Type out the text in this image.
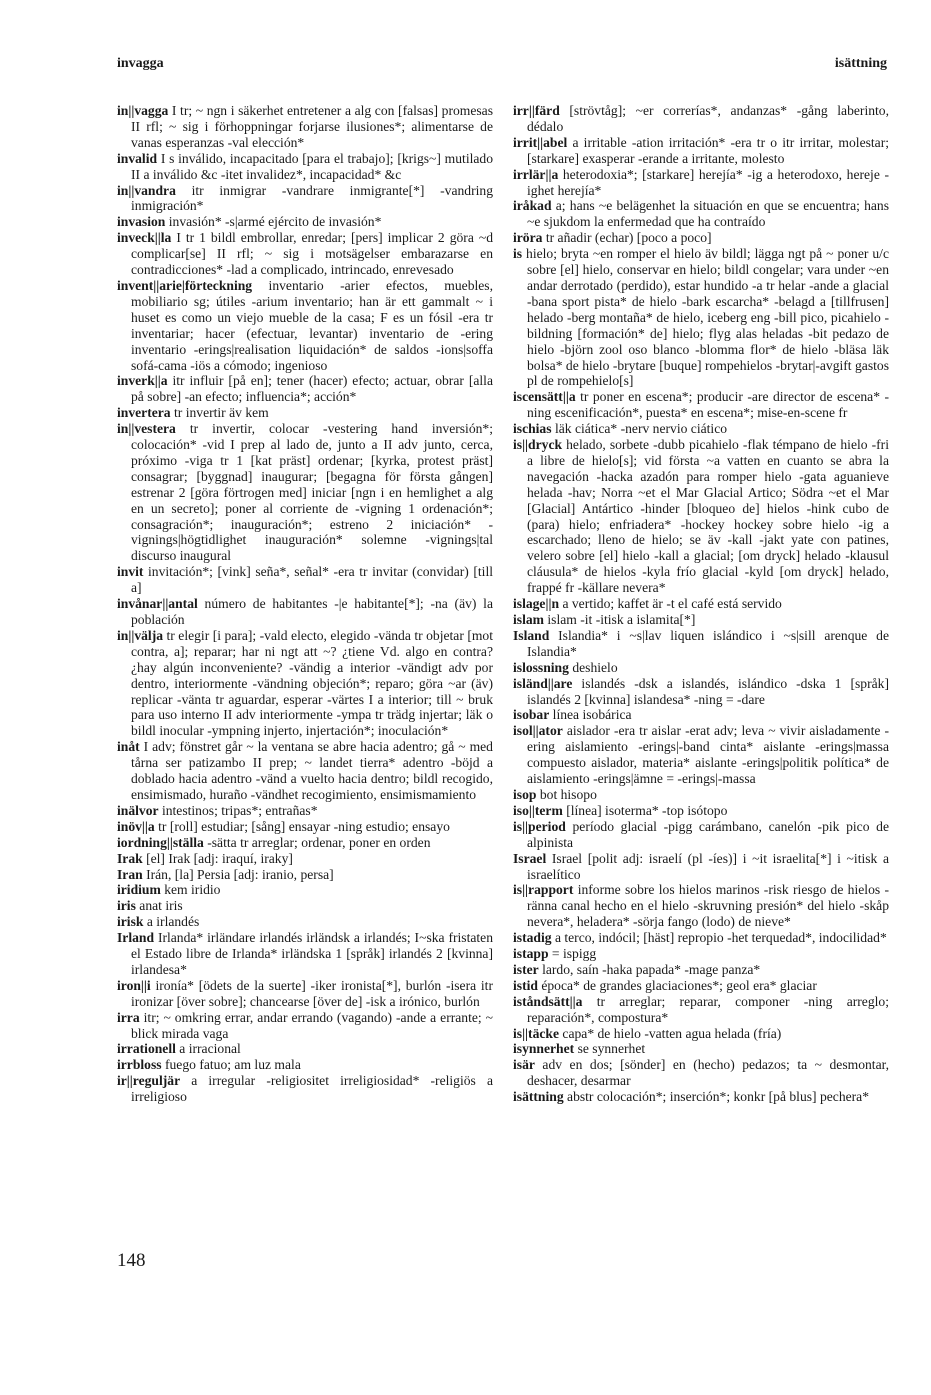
invagga	isättning

in||vagga I tr; ~ ngn i säkerhet entretener a alg con [falsas] promesas II rfl; ~ sig i förhoppningar forjarse ilusiones*; alimentarse de vanas esperanzas -val elección*

invalid I s inválido, incapacitado [para el trabajo]; [krigs~] mutilado II a inválido &c -itet invalidez*, incapacidad* &c

in||vandra itr inmigrar -vandrare inmigrante[*] -vandring inmigración*

invasion invasión* -s|armé ejército de invasión*

inveck||la I tr 1 bildl embrollar, enredar; [pers] implicar 2 göra ~d complicar[se] II rfl; ~ sig i motsägelser embarazarse en contradicciones* -lad a complicado, intrincado, enrevesado

invent||arie|förteckning inventario -arier efectos, muebles, mobiliario sg; útiles -arium inventario; han är ett gammalt ~ i huset es como un viejo mueble de la casa; F es un fósil -era tr inventariar; hacer (efectuar, levantar) inventario de -ering inventario -erings|realisation liquidación* de saldos -ions|soffa sofá-cama -iös a cómodo; ingenioso

inverk||a itr influir [på en]; tener (hacer) efecto; actuar, obrar [alla på sobre] -an efecto; influencia*; acción*

invertera tr invertir äv kem

in||vestera tr invertir, colocar -vestering hand inversión*; colocación* -vid I prep al lado de, junto a II adv junto, cerca, próximo -viga tr 1 [kat präst] ordenar; [kyrka, protest präst] consagrar; [byggnad] inaugurar; [begagna för första gången] estrenar 2 [göra förtrogen med] iniciar [ngn i en hemlighet a alg en un secreto]; poner al corriente de -vigning 1 ordenación*; consagración*; inauguración*; estreno 2 iniciación* -vignings|högtidlighet inauguración* solemne -vignings|tal discurso inaugural

invit invitación*; [vink] seña*, señal* -era tr invitar (convidar) [till a]

invånar||antal número de habitantes -|e habitante[*]; -na (äv) la población

in||välja tr elegir [i para]; -vald electo, elegido -vända tr objetar [mot contra, a]; reparar; har ni ngt att ~? ¿tiene Vd. algo en contra? ¿hay algún inconveniente? -vändig a interior -vändigt adv por dentro, interiormente -vändning objeción*; reparo; göra ~ar (äv) replicar -vänta tr aguardar, esperar -värtes I a interior; till ~ bruk para uso interno II adv interiormente -ympa tr trädg injertar; läk o bildl inocular -ympning injerto, injertación*; inoculación*

inåt I adv; fönstret går ~ la ventana se abre hacia adentro; gå ~ med tårna ser patizambo II prep; ~ landet tierra* adentro -böjd a doblado hacia adentro -vänd a vuelto hacia dentro; bildl recogido, ensimismado, huraño -vändhet recogimiento, ensimismamiento

inälvor intestinos; tripas*; entrañas*

inöv||a tr [roll] estudiar; [sång] ensayar -ning estudio; ensayo

iordning||ställa -sätta tr arreglar; ordenar, poner en orden

Irak [el] Irak [adj: iraquí, iraky]

Iran Irán, [la] Persia [adj: iranio, persa]

iridium kem iridio

iris anat iris

irisk a irlandés

Irland Irlanda* irländare irlandés irländsk a irlandés; I~ska fristaten el Estado libre de Irlanda* irländska 1 [språk] irlandés 2 [kvinna] irlandesa*

iron||i ironía* [ödets de la suerte] -iker ironista[*], burlón -isera itr ironizar [över sobre]; chancearse [över de] -isk a irónico, burlón

irra itr; ~ omkring errar, andar errando (vagando) -ande a errante; ~ blick mirada vaga

irrationell a irracional

irrbloss fuego fatuo; am luz mala

ir||reguljär a irregular -religiositet irreligiosidad* -religiös a irreligioso

irr||färd [strövtåg]; ~er correrías*, andanzas* -gång laberinto, dédalo

irrit||abel a irritable -ation irritación* -era tr o itr irritar, molestar; [starkare] exasperar -erande a irritante, molesto

irrlär||a heterodoxia*; [starkare] herejía* -ig a heterodoxo, hereje -ighet herejía*

iråkad a; hans ~e belägenhet la situación en que se encuentra; hans ~e sjukdom la enfermedad que ha contraído

iröra tr añadir (echar) [poco a poco]

is hielo; bryta ~en romper el hielo äv bildl; lägga ngt på ~ poner u/c sobre [el] hielo, conservar en hielo; bildl congelar; vara under ~en andar derrotado (perdido), estar hundido -a tr helar -ande a glacial -bana sport pista* de hielo -bark escarcha* -belagd a [tillfrusen] helado -berg montaña* de hielo, iceberg eng -bill pico, picahielo -bildning [formación* de] hielo; flyg alas heladas -bit pedazo de hielo -björn zool oso blanco -blomma flor* de hielo -bläsa läk bolsa* de hielo -brytare [buque] rompehielos -brytar|-avgift gastos pl de rompehielo[s]

iscensätt||a tr poner en escena*; producir -are director de escena* -ning escenificación*, puesta* en escena*; mise-en-scene fr

ischias läk ciática* -nerv nervio ciático

is||dryck helado, sorbete -dubb picahielo -flak témpano de hielo -fri a libre de hielo[s]; vid första ~a vatten en cuanto se abra la navegación -hacka azadón para romper hielo -gata aguanieve helada -hav; Norra ~et el Mar Glacial Artico; Södra ~et el Mar [Glacial] Antártico -hinder [bloqueo de] hielos -hink cubo de (para) hielo; enfriadera* -hockey hockey sobre hielo -ig a escarchado; lleno de hielo; se äv -kall -jakt yate con patines, velero sobre [el] hielo -kall a glacial; [om dryck] helado -klausul cláusula* de hielos -kyla frío glacial -kyld [om dryck] helado, frappé fr -källare nevera*

islage||n a vertido; kaffet är -t el café está servido

islam islam -it -itisk a islamita[*]

Island Islandia* i ~s|lav liquen islándico i ~s|sill arenque de Islandia*

islossning deshielo

isländ||are islandés -dsk a islandés, islándico -dska 1 [språk] islandés 2 [kvinna] islandesa* -ning = -dare

isobar línea isobárica

isol||ator aislador -era tr aislar -erat adv; leva ~ vivir aisladamente -ering aislamiento -erings|-band cinta* aislante -erings|massa compuesto aislador, materia* aislante -erings|politik política* de aislamiento -erings|ämne = -erings|-massa

isop bot hisopo

iso||term [línea] isoterma* -top isótopo

is||period período glacial -pigg carámbano, canelón -pik pico de alpinista

Israel Israel [polit adj: israelí (pl -íes)] i ~it israelita[*] i ~itisk a israelítico

is||rapport informe sobre los hielos marinos -risk riesgo de hielos -ränna canal hecho en el hielo -skruvning presión* del hielo -skåp nevera*, heladera* -sörja fango (lodo) de nieve*

istadig a terco, indócil; [häst] repropio -het terquedad*, indocilidad*

istapp = ispigg

ister lardo, saín -haka papada* -mage panza*

istid época* de grandes glaciaciones*; geol era* glaciar

iståndsätt||a tr arreglar; reparar, componer -ning arreglo; reparación*, compostura*

is||täcke capa* de hielo -vatten agua helada (fría)

isynnerhet se synnerhet

isär adv en dos; [sönder] en (hecho) pedazos; ta ~ desmontar, deshacer, desarmar

isättning abstr colocación*; inserción*; konkr [på blus] pechera*

148
